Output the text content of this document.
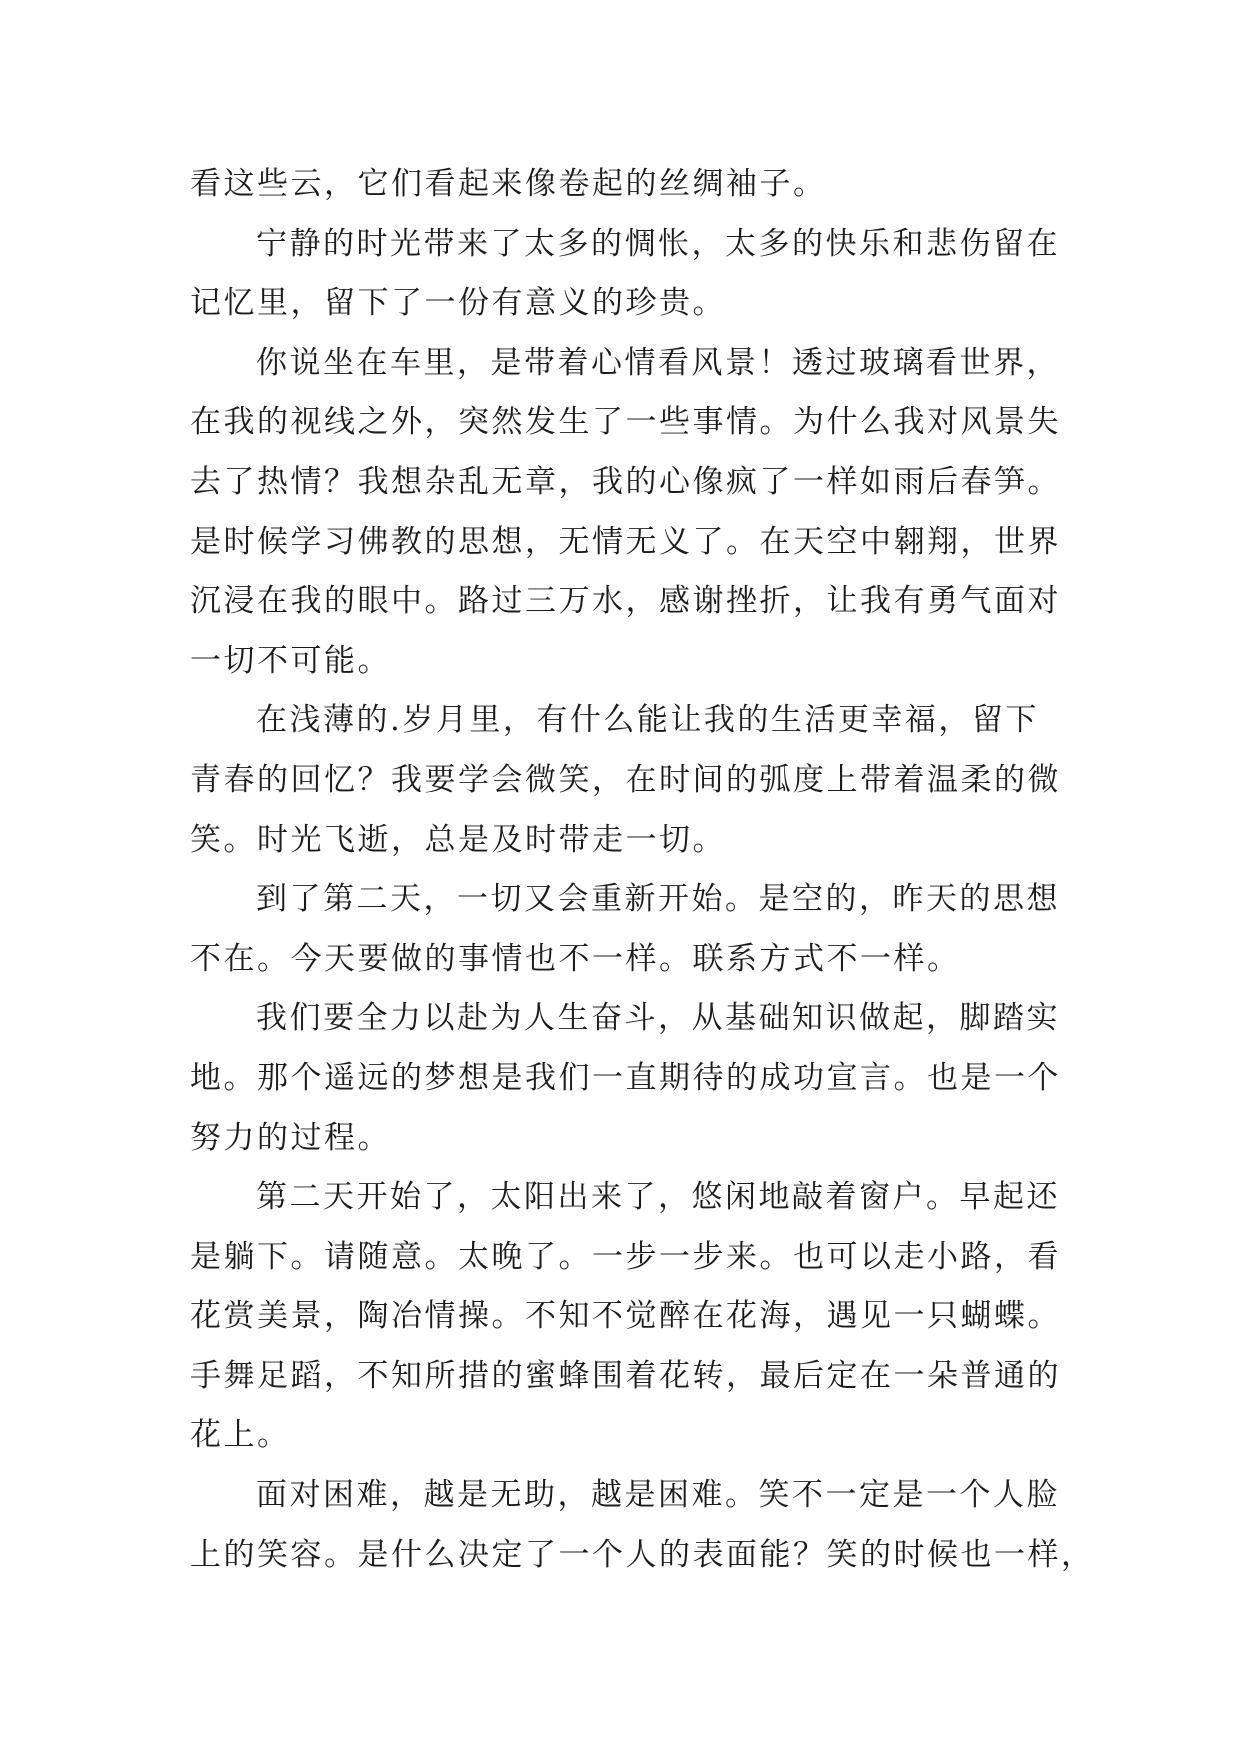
看这些云，它们看起来像卷起的丝绸袖子。
宁静的时光带来了太多的惆怅，太多的快乐和悲伤留在
记忆里，留下了一份有意义的珍贵。
你说坐在车里，是带着心情看风景！透过玻璃看世界，
在我的视线之外，突然发生了一些事情。为什么我对风景失
去了热情？我想杂乱无章，我的心像疯了一样如雨后春笋。
是时候学习佛教的思想，无情无义了。在天空中翱翔，世界
沉浸在我的眼中。路过三万水，感谢挫折，让我有勇气面对
一切不可能。
在浅薄的.岁月里，有什么能让我的生活更幸福，留下
青春的回忆？我要学会微笑，在时间的弧度上带着温柔的微
笑。时光飞逝，总是及时带走一切。
到了第二天，一切又会重新开始。是空的，昨天的思想
不在。今天要做的事情也不一样。联系方式不一样。
我们要全力以赴为人生奋斗，从基础知识做起，脚踏实
地。那个遥远的梦想是我们一直期待的成功宣言。也是一个
努力的过程。
第二天开始了，太阳出来了，悠闲地敲着窗户。早起还
是躺下。请随意。太晚了。一步一步来。也可以走小路，看
花赏美景，陶冶情操。不知不觉醉在花海，遇见一只蝴蝶。
手舞足蹈，不知所措的蜜蜂围着花转，最后定在一朵普通的
花上。
面对困难，越是无助，越是困难。笑不一定是一个人脸
上的笑容。是什么决定了一个人的表面能？笑的时候也一样，
